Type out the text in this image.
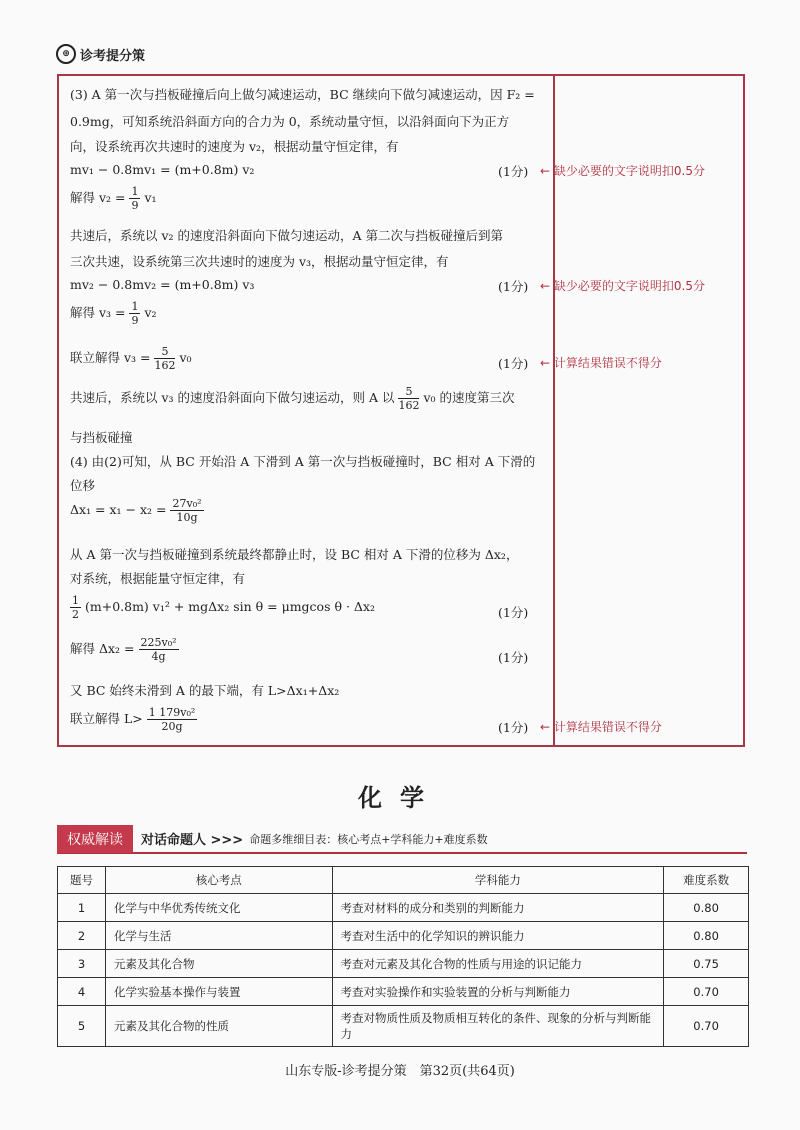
⊕ 诊考提分策
(3) A 第一次与挡板碰撞后向上做匀减速运动，BC 继续向下做匀减速运动，因 F₂ =
0.9mg，可知系统沿斜面方向的合力为 0，系统动量守恒，以沿斜面向下为正方
向，设系统再次共速时的速度为 v₂，根据动量守恒定律，有
mv₁ − 0.8mv₁ = (m+0.8m) v₂	(1分) ← 缺少必要的文字说明扣0.5分
解得 $v_2 = \frac{1}{9} v_1$
共速后，系统以 v₂ 的速度沿斜面向下做匀速运动，A 第二次与挡板碰撞后到第
三次共速，设系统第三次共速时的速度为 v₃，根据动量守恒定律，有
mv₂ − 0.8mv₂ = (m+0.8m) v₃	(1分) ← 缺少必要的文字说明扣0.5分
解得 $v_3 = \frac{1}{9} v_2$
联立解得 $v_3 = \frac{5}{162} v_0$	(1分) ← 计算结果错误不得分
共速后，系统以 v₃ 的速度沿斜面向下做匀速运动，则 A 以 $\frac{5}{162} v_0$ 的速度第三次
与挡板碰撞
(4) 由(2)可知，从 BC 开始沿 A 下滑到 A 第一次与挡板碰撞时，BC 相对 A 下滑的
位移
$\Delta x_1 = x_1 - x_2 = \frac{\text{27v₀²}}{10g}$
从 A 第一次与挡板碰撞到系统最终都静止时，设 BC 相对 A 下滑的位移为 Δx₂，
对系统，根据能量守恒定律，有
$\frac{1}{2} (m+0.8m) v_1^2 + mg\Delta x_2$ sin θ = μmgcos θ · Δx₂	(1分)
解得 $\Delta x_2 = \frac{\text{225v₀²}}{4g}$	(1分)
又 BC 始终未滑到 A 的最下端，有 L>Δx₁+Δx₂
联立解得 $L> \frac{\text{1 179v₀²}}{20g}$	(1分) ← 计算结果错误不得分
化学
权威解读	对话命题人 >>> 命题多维细目表：核心考点+学科能力+难度系数
题号	核心考点	学科能力	难度系数
1	化学与中华优秀传统文化	考查对材料的成分和类别的判断能力	0.80
2	化学与生活	考查对生活中的化学知识的辨识能力	0.80
3	元素及其化合物	考查对元素及其化合物的性质与用途的识记能力	0.75
4	化学实验基本操作与装置	考查对实验操作和实验装置的分析与判断能力	0.70
5	元素及其化合物的性质	考查对物质性质及物质相互转化的条件、现象的分析与判断能力	0.70
山东专版-诊考提分策　第32页(共64页)
